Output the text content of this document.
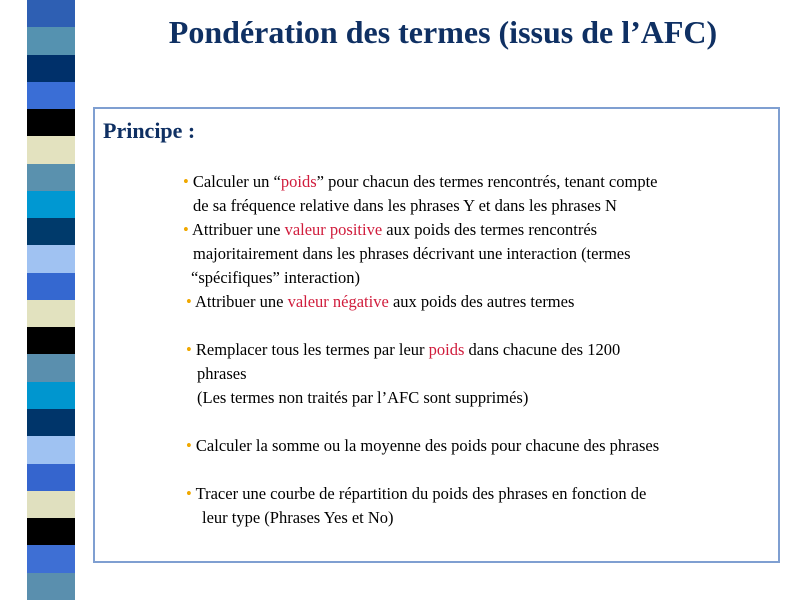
Pondération des termes (issus de l’AFC)
Principe :
• Calculer un “poids” pour chacun des termes rencontrés, tenant compte
de sa fréquence relative dans les phrases Y et dans les phrases N
• Attribuer une valeur positive aux poids des termes rencontrés
majoritairement dans les phrases décrivant une interaction (termes
“spécifiques” interaction)
• Attribuer une valeur négative aux poids des autres termes
• Remplacer tous les termes par leur poids dans chacune des 1200
phrases
(Les termes non traités par l’AFC sont supprimés)
• Calculer la somme ou la moyenne des poids pour chacune des phrases
• Tracer une courbe de répartition du poids des phrases en fonction de
leur type (Phrases Yes et No)
